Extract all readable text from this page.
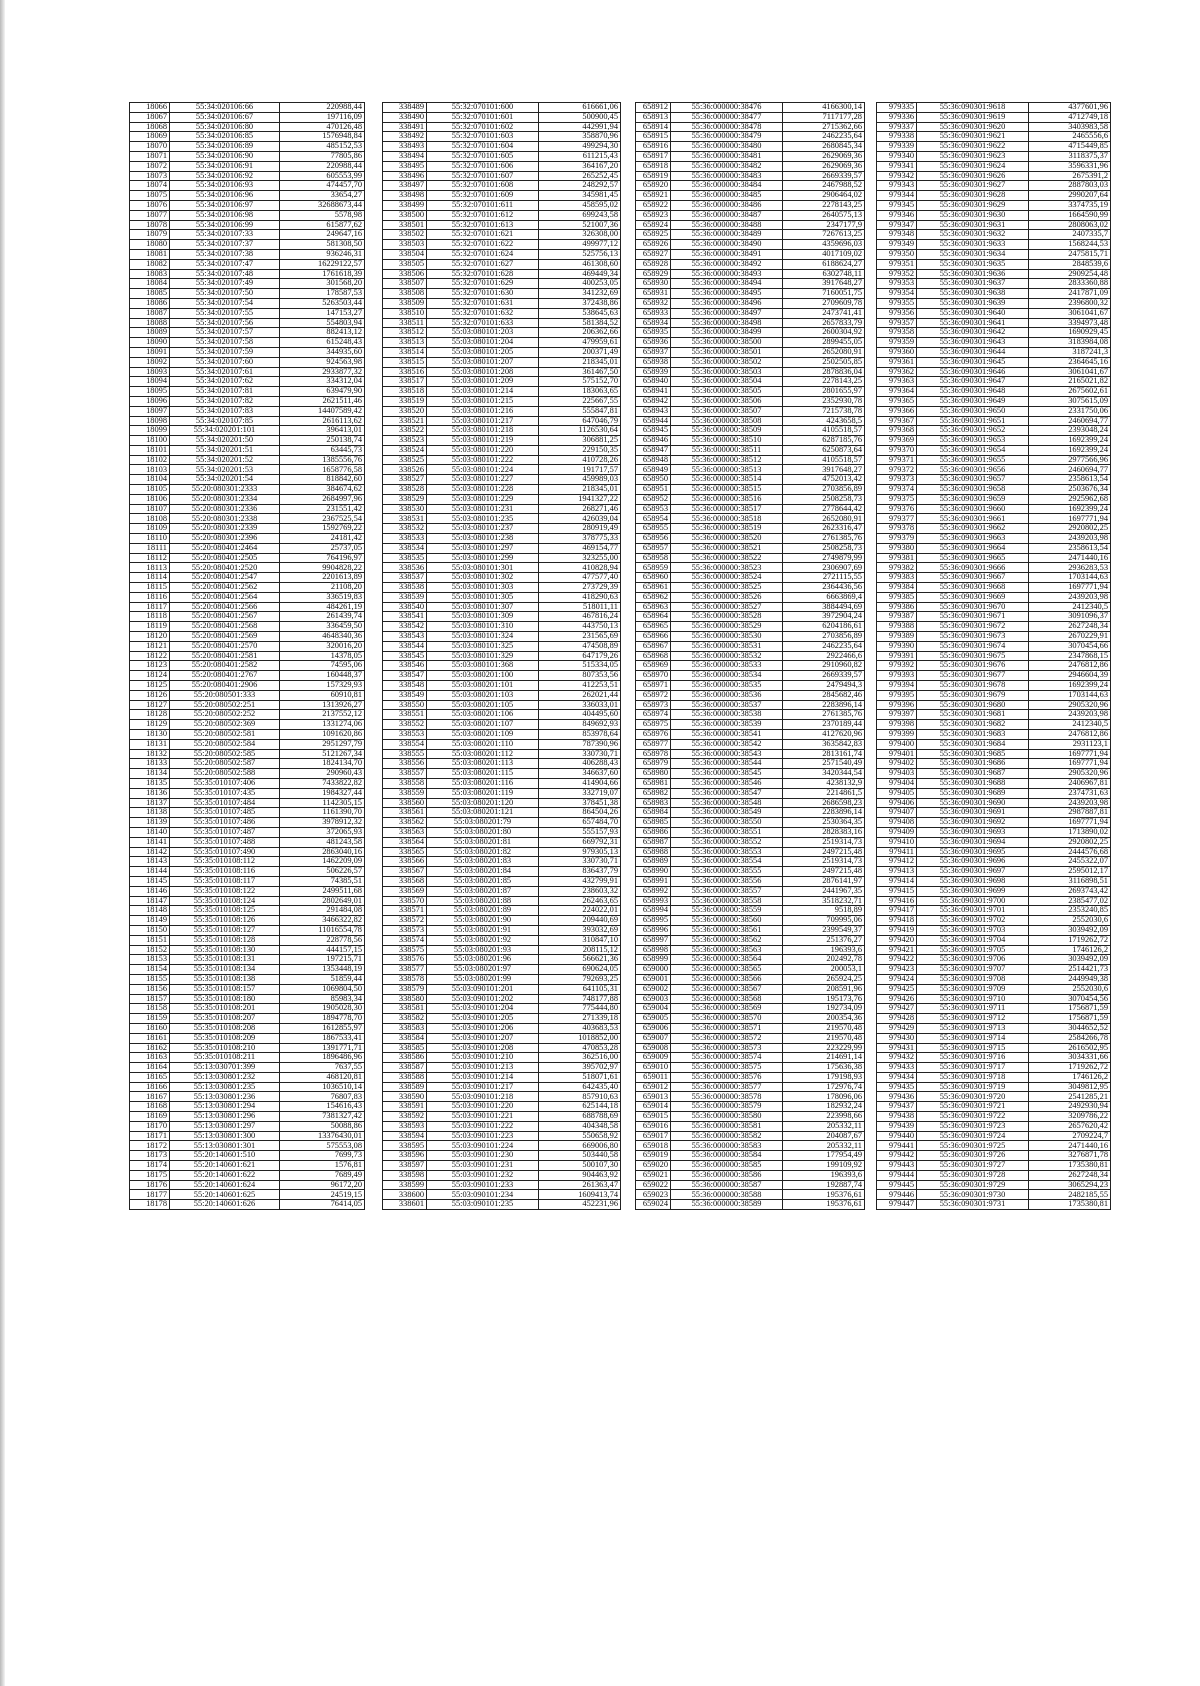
18066	55:34:020106:66	220988,44
18067	55:34:020106:67	197116,09
18068	55:34:020106:80	470126,48
18069	55:34:020106:85	1576948,84
18070	55:34:020106:89	485152,53
18071	55:34:020106:90	77805,86
18072	55:34:020106:91	220988,44
18073	55:34:020106:92	605553,99
18074	55:34:020106:93	474457,70
18075	55:34:020106:96	33654,27
18076	55:34:020106:97	32688673,44
18077	55:34:020106:98	5578,98
18078	55:34:020106:99	615877,62
18079	55:34:020107:33	249647,16
18080	55:34:020107:37	581308,50
18081	55:34:020107:38	936246,31
18082	55:34:020107:47	16229122,57
18083	55:34:020107:48	1761618,39
18084	55:34:020107:49	301568,20
18085	55:34:020107:50	178587,53
18086	55:34:020107:54	5263503,44
18087	55:34:020107:55	147153,27
18088	55:34:020107:56	554803,94
18089	55:34:020107:57	882413,12
18090	55:34:020107:58	615248,43
18091	55:34:020107:59	344935,60
18092	55:34:020107:60	924563,98
18093	55:34:020107:61	2933877,32
18094	55:34:020107:62	334312,04
18095	55:34:020107:81	639479,90
18096	55:34:020107:82	2621511,46
18097	55:34:020107:83	14407589,42
18098	55:34:020107:85	2616113,62
18099	55:34:020201:101	396413,01
18100	55:34:020201:50	250138,74
18101	55:34:020201:51	63445,73
18102	55:34:020201:52	1385556,76
18103	55:34:020201:53	1658776,58
18104	55:34:020201:54	818842,60
18105	55:20:080301:2333	384674,62
18106	55:20:080301:2334	2684997,96
18107	55:20:080301:2336	231551,42
18108	55:20:080301:2338	2367525,54
18109	55:20:080301:2339	1592769,22
18110	55:20:080301:2396	24181,42
18111	55:20:080401:2464	25737,05
18112	55:20:080401:2505	764196,97
18113	55:20:080401:2520	9904828,22
18114	55:20:080401:2547	2201613,89
18115	55:20:080401:2562	21108,20
18116	55:20:080401:2564	336519,83
18117	55:20:080401:2566	484261,19
18118	55:20:080401:2567	261439,74
18119	55:20:080401:2568	336459,50
18120	55:20:080401:2569	4648340,36
18121	55:20:080401:2570	320016,20
18122	55:20:080401:2581	14378,05
18123	55:20:080401:2582	74595,06
18124	55:20:080401:2767	160448,37
18125	55:20:080401:2906	157329,93
18126	55:20:080501:333	60910,81
18127	55:20:080502:251	1313926,27
18128	55:20:080502:252	2137552,12
18129	55:20:080502:369	1331274,06
18130	55:20:080502:581	1091620,86
18131	55:20:080502:584	2951297,79
18132	55:20:080502:585	5121267,34
18133	55:20:080502:587	1824134,70
18134	55:20:080502:588	290960,43
18135	55:35:010107:406	7433822,82
18136	55:35:010107:435	1984327,44
18137	55:35:010107:484	1142305,15
18138	55:35:010107:485	1161390,70
18139	55:35:010107:486	3978912,32
18140	55:35:010107:487	372065,93
18141	55:35:010107:488	481243,58
18142	55:35:010107:490	2863040,16
18143	55:35:010108:112	1462209,09
18144	55:35:010108:116	506226,57
18145	55:35:010108:117	74385,51
18146	55:35:010108:122	2499511,68
18147	55:35:010108:124	2802649,01
18148	55:35:010108:125	291484,08
18149	55:35:010108:126	3466322,82
18150	55:35:010108:127	11016554,78
18151	55:35:010108:128	228778,56
18152	55:35:010108:130	444157,15
18153	55:35:010108:131	197215,71
18154	55:35:010108:134	1353448,19
18155	55:35:010108:138	51859,44
18156	55:35:010108:157	1069804,50
18157	55:35:010108:180	85983,34
18158	55:35:010108:201	1905028,30
18159	55:35:010108:207	1894778,70
18160	55:35:010108:208	1612855,97
18161	55:35:010108:209	1867533,41
18162	55:35:010108:210	1391771,71
18163	55:35:010108:211	1896486,96
18164	55:13:030701:399	7637,55
18165	55:13:030801:232	468120,81
18166	55:13:030801:235	1036510,14
18167	55:13:030801:236	76807,83
18168	55:13:030801:294	154616,43
18169	55:13:030801:296	7381327,42
18170	55:13:030801:297	50088,86
18171	55:13:030801:300	13376430,01
18172	55:13:030801:301	575553,08
18173	55:20:140601:510	7699,73
18174	55:20:140601:621	1576,81
18175	55:20:140601:622	7689,49
18176	55:20:140601:624	96172,20
18177	55:20:140601:625	24519,15
18178	55:20:140601:626	76414,05
338489	55:32:070101:600	616661,06
338490	55:32:070101:601	500900,45
338491	55:32:070101:602	442991,94
338492	55:32:070101:603	358870,96
338493	55:32:070101:604	499294,30
338494	55:32:070101:605	611215,43
338495	55:32:070101:606	364167,20
338496	55:32:070101:607	265252,45
338497	55:32:070101:608	248292,57
338498	55:32:070101:609	345981,45
338499	55:32:070101:611	458595,02
338500	55:32:070101:612	699243,58
338501	55:32:070101:613	521007,36
338502	55:32:070101:621	326308,00
338503	55:32:070101:622	499977,12
338504	55:32:070101:624	525756,13
338505	55:32:070101:627	461308,60
338506	55:32:070101:628	469449,34
338507	55:32:070101:629	400253,05
338508	55:32:070101:630	341232,69
338509	55:32:070101:631	372438,86
338510	55:32:070101:632	538645,63
338511	55:32:070101:633	581384,52
338512	55:03:080101:203	206362,66
338513	55:03:080101:204	479959,61
338514	55:03:080101:205	200371,49
338515	55:03:080101:207	218345,01
338516	55:03:080101:208	361467,50
338517	55:03:080101:209	575152,70
338518	55:03:080101:214	183063,65
338519	55:03:080101:215	225667,55
338520	55:03:080101:216	555847,81
338521	55:03:080101:217	647046,79
338522	55:03:080101:218	1126530,64
338523	55:03:080101:219	306881,25
338524	55:03:080101:220	229150,35
338525	55:03:080101:222	410728,26
338526	55:03:080101:224	191717,57
338527	55:03:080101:227	459989,03
338528	55:03:080101:228	218345,01
338529	55:03:080101:229	1941327,22
338530	55:03:080101:231	268271,46
338531	55:03:080101:235	426039,04
338532	55:03:080101:237	280919,49
338533	55:03:080101:238	378775,33
338534	55:03:080101:297	469154,77
338535	55:03:080101:299	323255,00
338536	55:03:080101:301	410828,94
338537	55:03:080101:302	477577,40
338538	55:03:080101:303	273729,39
338539	55:03:080101:305	418290,63
338540	55:03:080101:307	518011,11
338541	55:03:080101:309	467816,24
338542	55:03:080101:310	443750,13
338543	55:03:080101:324	231565,69
338544	55:03:080101:325	474508,89
338545	55:03:080101:329	647179,26
338546	55:03:080101:368	515334,05
338547	55:03:080201:100	807353,56
338548	55:03:080201:101	412253,51
338549	55:03:080201:103	262021,44
338550	55:03:080201:105	336033,01
338551	55:03:080201:106	404495,60
338552	55:03:080201:107	849692,93
338553	55:03:080201:109	853978,64
338554	55:03:080201:110	787390,96
338555	55:03:080201:112	330730,71
338556	55:03:080201:113	406288,43
338557	55:03:080201:115	346637,60
338558	55:03:080201:116	414904,66
338559	55:03:080201:119	332719,07
338560	55:03:080201:120	378451,38
338561	55:03:080201:121	864504,26
338562	55:03:080201:79	657484,70
338563	55:03:080201:80	555157,93
338564	55:03:080201:81	669792,31
338565	55:03:080201:82	979305,13
338566	55:03:080201:83	330730,71
338567	55:03:080201:84	836437,79
338568	55:03:080201:85	432799,91
338569	55:03:080201:87	238603,32
338570	55:03:080201:88	262463,65
338571	55:03:080201:89	224022,01
338572	55:03:080201:90	209440,69
338573	55:03:080201:91	393032,69
338574	55:03:080201:92	310847,10
338575	55:03:080201:93	208115,12
338576	55:03:080201:96	566621,36
338577	55:03:080201:97	690624,05
338578	55:03:080201:99	792693,25
338579	55:03:090101:201	641105,31
338580	55:03:090101:202	748177,88
338581	55:03:090101:204	775444,80
338582	55:03:090101:205	271339,18
338583	55:03:090101:206	403683,53
338584	55:03:090101:207	1018852,00
338585	55:03:090101:208	470853,28
338586	55:03:090101:210	362516,00
338587	55:03:090101:213	395702,97
338588	55:03:090101:214	518071,61
338589	55:03:090101:217	642435,40
338590	55:03:090101:218	857910,63
338591	55:03:090101:220	625144,18
338592	55:03:090101:221	688788,69
338593	55:03:090101:222	404348,58
338594	55:03:090101:223	550658,92
338595	55:03:090101:224	669006,80
338596	55:03:090101:230	503440,58
338597	55:03:090101:231	500107,30
338598	55:03:090101:232	904463,92
338599	55:03:090101:233	261363,47
338600	55:03:090101:234	1609413,74
338601	55:03:090101:235	452231,96
658912	55:36:000000:38476	4166300,14
658913	55:36:000000:38477	7117177,28
658914	55:36:000000:38478	2715362,66
658915	55:36:000000:38479	2462235,64
658916	55:36:000000:38480	2680845,34
658917	55:36:000000:38481	2629069,36
658918	55:36:000000:38482	2629069,36
658919	55:36:000000:38483	2669339,57
658920	55:36:000000:38484	2467988,52
658921	55:36:000000:38485	2906464,02
658922	55:36:000000:38486	2278143,25
658923	55:36:000000:38487	2640575,13
658924	55:36:000000:38488	2347177,9
658925	55:36:000000:38489	7267613,25
658926	55:36:000000:38490	4359696,03
658927	55:36:000000:38491	4017109,02
658928	55:36:000000:38492	6188624,27
658929	55:36:000000:38493	6302748,11
658930	55:36:000000:38494	3917648,27
658931	55:36:000000:38495	7160051,75
658932	55:36:000000:38496	2709609,78
658933	55:36:000000:38497	2473741,41
658934	55:36:000000:38498	2657833,79
658935	55:36:000000:38499	2600304,92
658936	55:36:000000:38500	2899455,05
658937	55:36:000000:38501	2652080,91
658938	55:36:000000:38502	2502505,85
658939	55:36:000000:38503	2878836,04
658940	55:36:000000:38504	2278143,25
658941	55:36:000000:38505	2801655,97
658942	55:36:000000:38506	2352930,78
658943	55:36:000000:38507	7215738,78
658944	55:36:000000:38508	4243658,5
658945	55:36:000000:38509	4105518,57
658946	55:36:000000:38510	6287185,76
658947	55:36:000000:38511	6250873,64
658948	55:36:000000:38512	4105518,57
658949	55:36:000000:38513	3917648,27
658950	55:36:000000:38514	4752013,42
658951	55:36:000000:38515	2703856,89
658952	55:36:000000:38516	2508258,73
658953	55:36:000000:38517	2778644,42
658954	55:36:000000:38518	2652080,91
658955	55:36:000000:38519	2623316,47
658956	55:36:000000:38520	2761385,76
658957	55:36:000000:38521	2508258,73
658958	55:36:000000:38522	2749879,99
658959	55:36:000000:38523	2306907,69
658960	55:36:000000:38524	2721115,55
658961	55:36:000000:38525	2364436,56
658962	55:36:000000:38526	6663869,4
658963	55:36:000000:38527	3884494,69
658964	55:36:000000:38528	3972904,24
658965	55:36:000000:38529	6204186,61
658966	55:36:000000:38530	2703856,89
658967	55:36:000000:38531	2462235,64
658968	55:36:000000:38532	2922466,6
658969	55:36:000000:38533	2910960,82
658970	55:36:000000:38534	2669339,57
658971	55:36:000000:38535	2479494,3
658972	55:36:000000:38536	2845682,46
658973	55:36:000000:38537	2283896,14
658974	55:36:000000:38538	2761385,76
658975	55:36:000000:38539	2370189,44
658976	55:36:000000:38541	4127620,96
658977	55:36:000000:38542	3635842,83
658978	55:36:000000:38543	2813161,74
658979	55:36:000000:38544	2571540,49
658980	55:36:000000:38545	3420344,54
658981	55:36:000000:38546	4238132,9
658982	55:36:000000:38547	2214861,5
658983	55:36:000000:38548	2686598,23
658984	55:36:000000:38549	2283896,14
658985	55:36:000000:38550	2530364,35
658986	55:36:000000:38551	2828383,16
658987	55:36:000000:38552	2519314,73
658988	55:36:000000:38553	2497215,48
658989	55:36:000000:38554	2519314,73
658990	55:36:000000:38555	2497215,48
658991	55:36:000000:38556	2876141,97
658992	55:36:000000:38557	2441967,35
658993	55:36:000000:38558	3518232,71
658994	55:36:000000:38559	9518,89
658995	55:36:000000:38560	709995,06
658996	55:36:000000:38561	2399549,37
658997	55:36:000000:38562	251376,27
658998	55:36:000000:38563	196393,6
658999	55:36:000000:38564	202492,78
659000	55:36:000000:38565	200053,1
659001	55:36:000000:38566	265924,25
659002	55:36:000000:38567	208591,96
659003	55:36:000000:38568	195173,76
659004	55:36:000000:38569	192734,09
659005	55:36:000000:38570	200354,36
659006	55:36:000000:38571	219570,48
659007	55:36:000000:38572	219570,48
659008	55:36:000000:38573	223229,99
659009	55:36:000000:38574	214691,14
659010	55:36:000000:38575	175636,38
659011	55:36:000000:38576	179198,93
659012	55:36:000000:38577	172976,74
659013	55:36:000000:38578	178096,06
659014	55:36:000000:38579	182932,24
659015	55:36:000000:38580	223998,66
659016	55:36:000000:38581	205332,11
659017	55:36:000000:38582	204087,67
659018	55:36:000000:38583	205332,11
659019	55:36:000000:38584	177954,49
659020	55:36:000000:38585	199109,92
659021	55:36:000000:38586	196393,6
659022	55:36:000000:38587	192887,74
659023	55:36:000000:38588	195376,61
659024	55:36:000000:38589	195376,61
979335	55:36:090301:9618	4377601,96
979336	55:36:090301:9619	4712749,18
979337	55:36:090301:9620	3403983,58
979338	55:36:090301:9621	2465556,6
979339	55:36:090301:9622	4715449,85
979340	55:36:090301:9623	3118375,37
979341	55:36:090301:9624	3596331,96
979342	55:36:090301:9626	2675391,2
979343	55:36:090301:9627	2887803,03
979344	55:36:090301:9628	2990207,64
979345	55:36:090301:9629	3374735,19
979346	55:36:090301:9630	1664590,99
979347	55:36:090301:9631	2808063,02
979348	55:36:090301:9632	2407335,7
979349	55:36:090301:9633	1568244,53
979350	55:36:090301:9634	2475815,71
979351	55:36:090301:9635	2848539,6
979352	55:36:090301:9636	2909254,48
979353	55:36:090301:9637	2833360,88
979354	55:36:090301:9638	2417871,09
979355	55:36:090301:9639	2396800,32
979356	55:36:090301:9640	3061041,67
979357	55:36:090301:9641	3394973,48
979358	55:36:090301:9642	1690929,45
979359	55:36:090301:9643	3183984,08
979360	55:36:090301:9644	3187241,3
979361	55:36:090301:9645	2364645,16
979362	55:36:090301:9646	3061041,67
979363	55:36:090301:9647	2165021,82
979364	55:36:090301:9648	2675602,61
979365	55:36:090301:9649	3075615,09
979366	55:36:090301:9650	2331750,06
979367	55:36:090301:9651	2460694,77
979368	55:36:090301:9652	2393048,24
979369	55:36:090301:9653	1692399,24
979370	55:36:090301:9654	1692399,24
979371	55:36:090301:9655	2977566,96
979372	55:36:090301:9656	2460694,77
979373	55:36:090301:9657	2358613,54
979374	55:36:090301:9658	2503676,34
979375	55:36:090301:9659	2925962,68
979376	55:36:090301:9660	1692399,24
979377	55:36:090301:9661	1697771,94
979378	55:36:090301:9662	2920802,25
979379	55:36:090301:9663	2439203,98
979380	55:36:090301:9664	2358613,54
979381	55:36:090301:9665	2471440,16
979382	55:36:090301:9666	2936283,53
979383	55:36:090301:9667	1703144,63
979384	55:36:090301:9668	1697771,94
979385	55:36:090301:9669	2439203,98
979386	55:36:090301:9670	2412340,5
979387	55:36:090301:9671	3091096,37
979388	55:36:090301:9672	2627248,34
979389	55:36:090301:9673	2670229,91
979390	55:36:090301:9674	3070454,66
979391	55:36:090301:9675	2347868,15
979392	55:36:090301:9676	2476812,86
979393	55:36:090301:9677	2946604,39
979394	55:36:090301:9678	1692399,24
979395	55:36:090301:9679	1703144,63
979396	55:36:090301:9680	2905320,96
979397	55:36:090301:9681	2439203,98
979398	55:36:090301:9682	2412340,5
979399	55:36:090301:9683	2476812,86
979400	55:36:090301:9684	2931123,1
979401	55:36:090301:9685	1697771,94
979402	55:36:090301:9686	1697771,94
979403	55:36:090301:9687	2905320,96
979404	55:36:090301:9688	2406967,81
979405	55:36:090301:9689	2374731,63
979406	55:36:090301:9690	2439203,98
979407	55:36:090301:9691	2987887,81
979408	55:36:090301:9692	1697771,94
979409	55:36:090301:9693	1713890,02
979410	55:36:090301:9694	2920802,25
979411	55:36:090301:9695	2444576,68
979412	55:36:090301:9696	2455322,07
979413	55:36:090301:9697	2595012,17
979414	55:36:090301:9698	3116898,51
979415	55:36:090301:9699	2693743,42
979416	55:36:090301:9700	2385477,02
979417	55:36:090301:9701	2353240,85
979418	55:36:090301:9702	2552030,6
979419	55:36:090301:9703	3039492,09
979420	55:36:090301:9704	1719262,72
979421	55:36:090301:9705	1746126,2
979422	55:36:090301:9706	3039492,09
979423	55:36:090301:9707	2514421,73
979424	55:36:090301:9708	2449949,38
979425	55:36:090301:9709	2552030,6
979426	55:36:090301:9710	3070454,56
979427	55:36:090301:9711	1756871,59
979428	55:36:090301:9712	1756871,59
979429	55:36:090301:9713	3044652,52
979430	55:36:090301:9714	2584266,78
979431	55:36:090301:9715	2616502,95
979432	55:36:090301:9716	3034331,66
979433	55:36:090301:9717	1719262,72
979434	55:36:090301:9718	1746126,2
979435	55:36:090301:9719	3049812,95
979436	55:36:090301:9720	2541285,21
979437	55:36:090301:9721	2492930,94
979438	55:36:090301:9722	3209786,22
979439	55:36:090301:9723	2657620,42
979440	55:36:090301:9724	2709224,7
979441	55:36:090301:9725	2471440,16
979442	55:36:090301:9726	3276871,78
979443	55:36:090301:9727	1735380,81
979444	55:36:090301:9728	2627248,34
979445	55:36:090301:9729	3065294,23
979446	55:36:090301:9730	2482185,55
979447	55:36:090301:9731	1735380,81
